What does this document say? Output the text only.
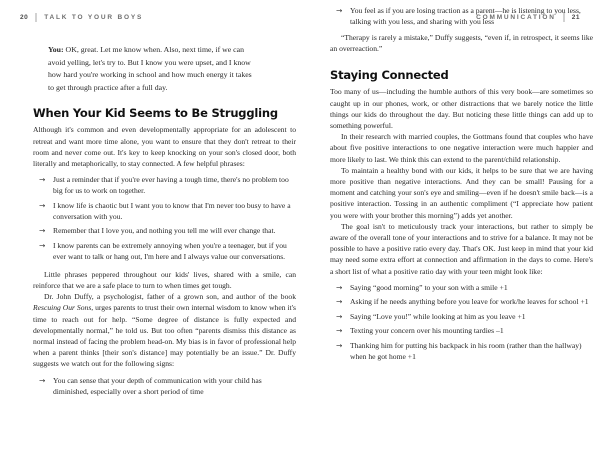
20 TALK TO YOUR BOYS	COMMUNICATION 21

You: OK, great. Let me know when. Also, next time, if we can avoid yelling, let's try to. But I know you were upset, and I know how hard you're working in school and how much energy it takes to get through practice after a full day.

When Your Kid Seems to Be Struggling

Although it's common and even developmentally appropriate for an adolescent to retreat and want more time alone, you want to ensure that they don't retreat to their room and never come out. It's key to keep knocking on your son's closed door, both literally and metaphorically, to stay connected. A few helpful phrases:

→ Just a reminder that if you're ever having a tough time, there's no problem too big for us to work on together.
→ I know life is chaotic but I want you to know that I'm never too busy to have a conversation with you.
→ Remember that I love you, and nothing you tell me will ever change that.
→ I know parents can be extremely annoying when you're a teenager, but if you ever want to talk or hang out, I'm here and I always value our conversations.

Little phrases peppered throughout our kids' lives, shared with a smile, can reinforce that we are a safe place to turn to when times get tough.

Dr. John Duffy, a psychologist, father of a grown son, and author of the book Rescuing Our Sons, urges parents to trust their own internal wisdom to know when it's time to reach out for help. “Some degree of distance is fully expected and developmentally normal,” he told us. But too often “parents dismiss this distance as normal instead of facing the problem head-on. My bias is in favor of professional help when a parent thinks [their son's distance] may potentially be an issue.” Dr. Duffy suggests we watch out for the following signs:

→ You can sense that your depth of communication with your child has diminished, especially over a short period of time
→ You feel as if you are losing traction as a parent—he is listening to you less, talking with you less, and sharing with you less

“Therapy is rarely a mistake,” Duffy suggests, “even if, in retrospect, it seems like an overreaction.”

Staying Connected

Too many of us—including the humble authors of this very book—are sometimes so caught up in our phones, work, or other distractions that we barely notice the little things our kids do throughout the day. But noticing these little things can add up to something powerful.

In their research with married couples, the Gottmans found that couples who have about five positive interactions to one negative interaction were much happier and more likely to last. We think this can extend to the parent/child relationship.

To maintain a healthy bond with our kids, it helps to be sure that we are having more positive than negative interactions. And they can be small! Pausing for a moment and catching your son's eye and smiling—even if he doesn't smile back—is a positive interaction. Tossing in an authentic compliment (“I appreciate how patient you were with your brother this morning”) adds yet another.

The goal isn't to meticulously track your interactions, but rather to simply be aware of the overall tone of your interactions and to strive for a balance. It may not be possible to have a positive ratio every day. That's OK. Just keep in mind that your kid may need some extra effort at connection and affirmation in the days to come. Here's a short list of what a positive ratio day with your teen might look like:

→ Saying “good morning” to your son with a smile +1
→ Asking if he needs anything before you leave for work/he leaves for school +1
→ Saying “Love you!” while looking at him as you leave +1
→ Texting your concern over his mounting tardies –1
→ Thanking him for putting his backpack in his room (rather than the hallway) when he got home +1
